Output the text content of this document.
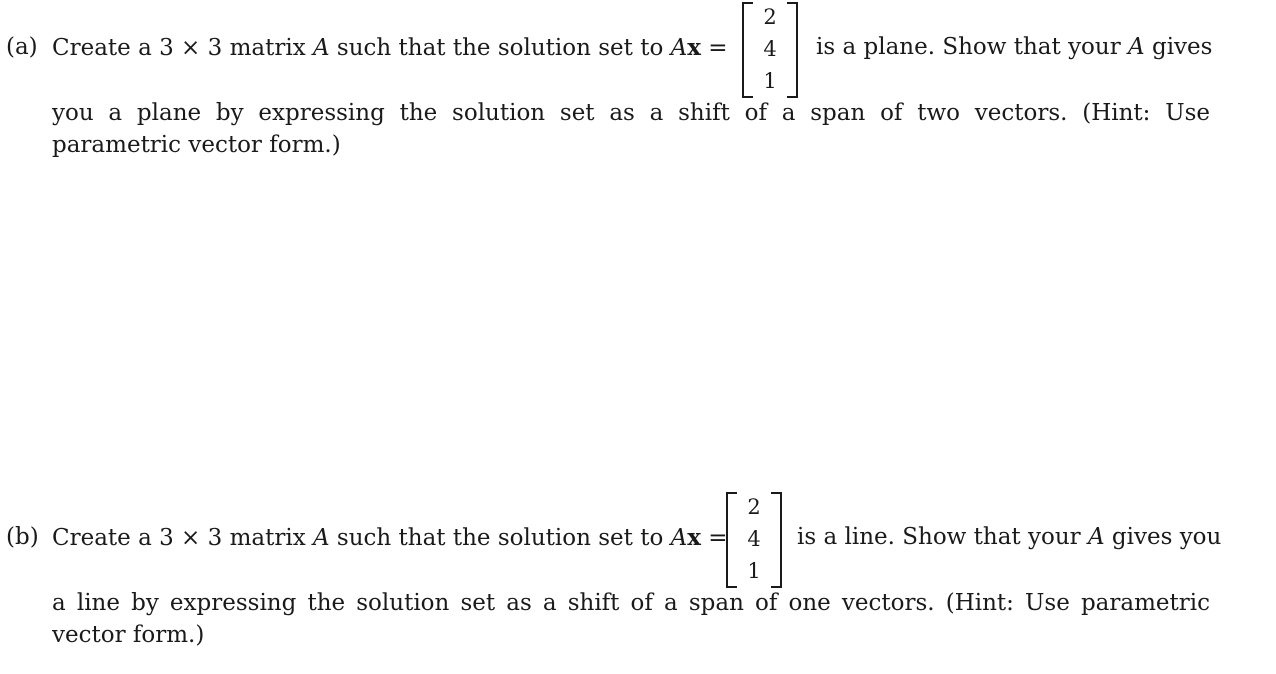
(a) Create a 3 × 3 matrix A such that the solution set to Ax =
2
4
1
is a plane. Show that your A gives
you a plane by expressing the solution set as a shift of a span of two vectors. (Hint: Use parametric vector form.)
(b) Create a 3 × 3 matrix A such that the solution set to Ax =
2
4
1
is a line. Show that your A gives you
a line by expressing the solution set as a shift of a span of one vectors. (Hint: Use parametric vector form.)
